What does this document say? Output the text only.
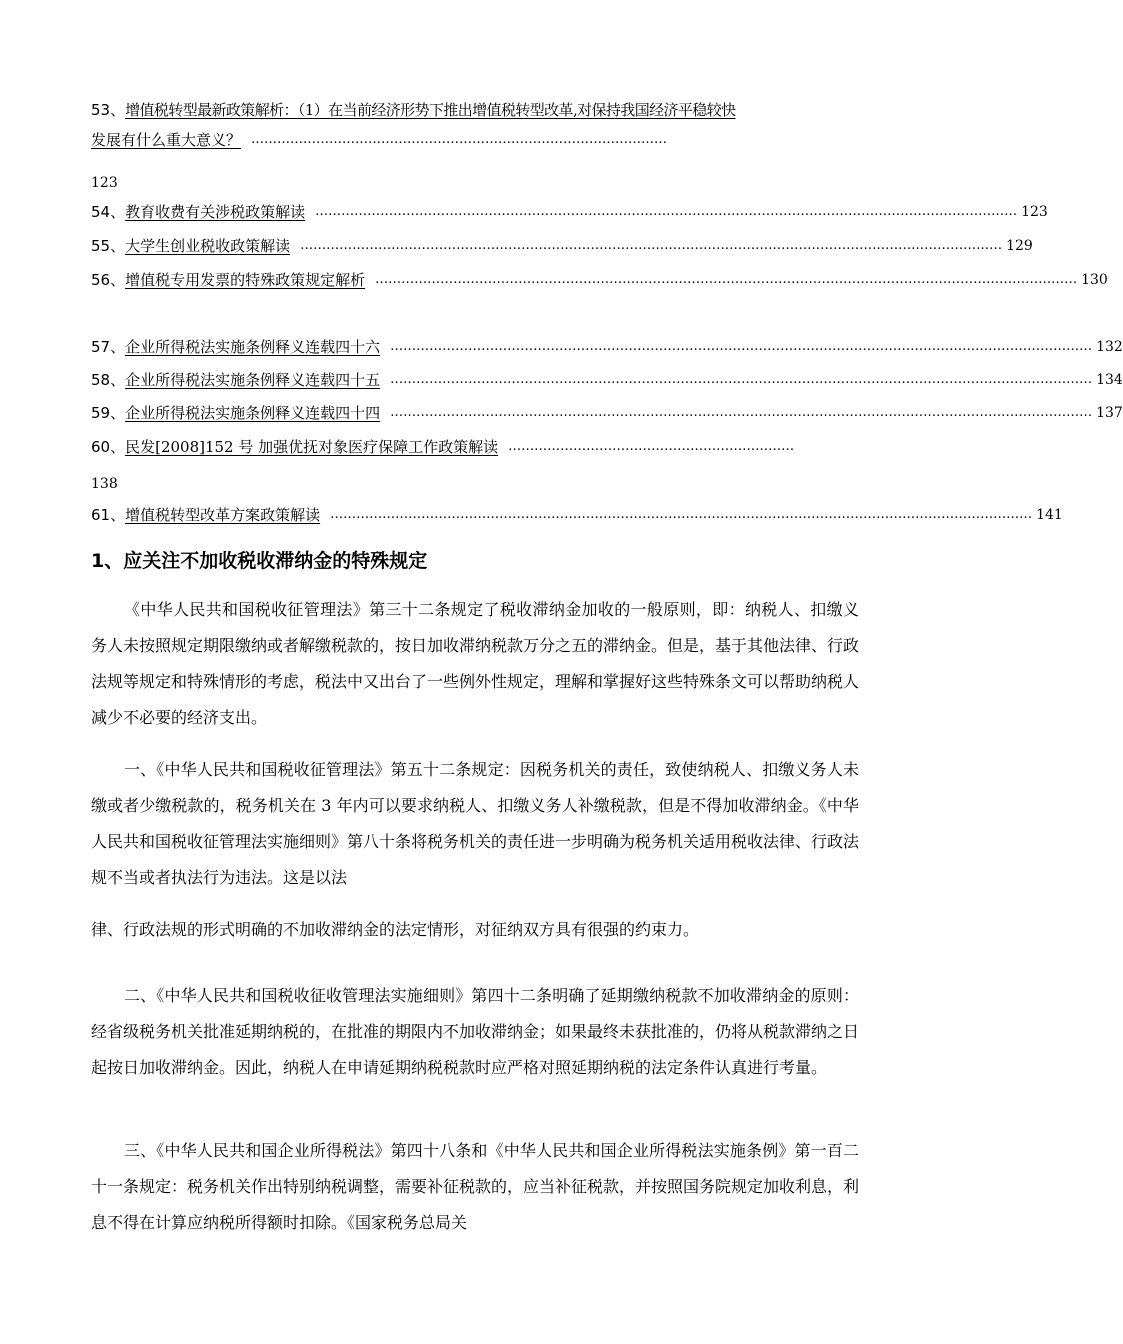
53、增值税转型最新政策解析：（1）在当前经济形势下推出增值税转型改革,对保持我国经济平稳较快
发展有什么重大意义？ ……………………………………………………………………………………
123
54、 教育收费有关涉税政策解读 ……………………………………………………………………………………………………………………………………………… 123
55、 大学生创业税收政策解读 ……………………………………………………………………………………………………………………………………………… 129
56、 增值税专用发票的特殊政策规定解析 ……………………………………………………………………………………………………………………………………………… 130
57、 企业所得税法实施条例释义连载四十六 ……………………………………………………………………………………………………………………………………………… 132
58、 企业所得税法实施条例释义连载四十五 ……………………………………………………………………………………………………………………………………………… 134
59、 企业所得税法实施条例释义连载四十四 ……………………………………………………………………………………………………………………………………………… 137
60、 民发[2008]152 号 加强优抚对象医疗保障工作政策解读 …………………………………………………………
138
61、 增值税转型改革方案政策解读 ……………………………………………………………………………………………………………………………………………… 141
1、应关注不加收税收滞纳金的特殊规定

《中华人民共和国税收征管理法》第三十二条规定了税收滞纳金加收的一般原则，即：纳税人、扣缴义务人未按照规定期限缴纳或者解缴税款的，按日加收滞纳税款万分之五的滞纳金。但是，基于其他法律、行政法规等规定和特殊情形的考虑，税法中又出台了一些例外性规定，理解和掌握好这些特殊条文可以帮助纳税人减少不必要的经济支出。

一、《中华人民共和国税收征管理法》第五十二条规定：因税务机关的责任，致使纳税人、扣缴义务人未缴或者少缴税款的，税务机关在 3 年内可以要求纳税人、扣缴义务人补缴税款，但是不得加收滞纳金。《中华人民共和国税收征管理法实施细则》第八十条将税务机关的责任进一步明确为税务机关适用税收法律、行政法规不当或者执法行为违法。这是以法

律、行政法规的形式明确的不加收滞纳金的法定情形，对征纳双方具有很强的约束力。

二、《中华人民共和国税收征收管理法实施细则》第四十二条明确了延期缴纳税款不加收滞纳金的原则：经省级税务机关批准延期纳税的，在批准的期限内不加收滞纳金；如果最终未获批准的，仍将从税款滞纳之日起按日加收滞纳金。因此，纳税人在申请延期纳税税款时应严格对照延期纳税的法定条件认真进行考量。

三、《中华人民共和国企业所得税法》第四十八条和《中华人民共和国企业所得税法实施条例》第一百二十一条规定：税务机关作出特别纳税调整，需要补征税款的，应当补征税款，并按照国务院规定加收利息，利息不得在计算应纳税所得额时扣除。《国家税务总局关
